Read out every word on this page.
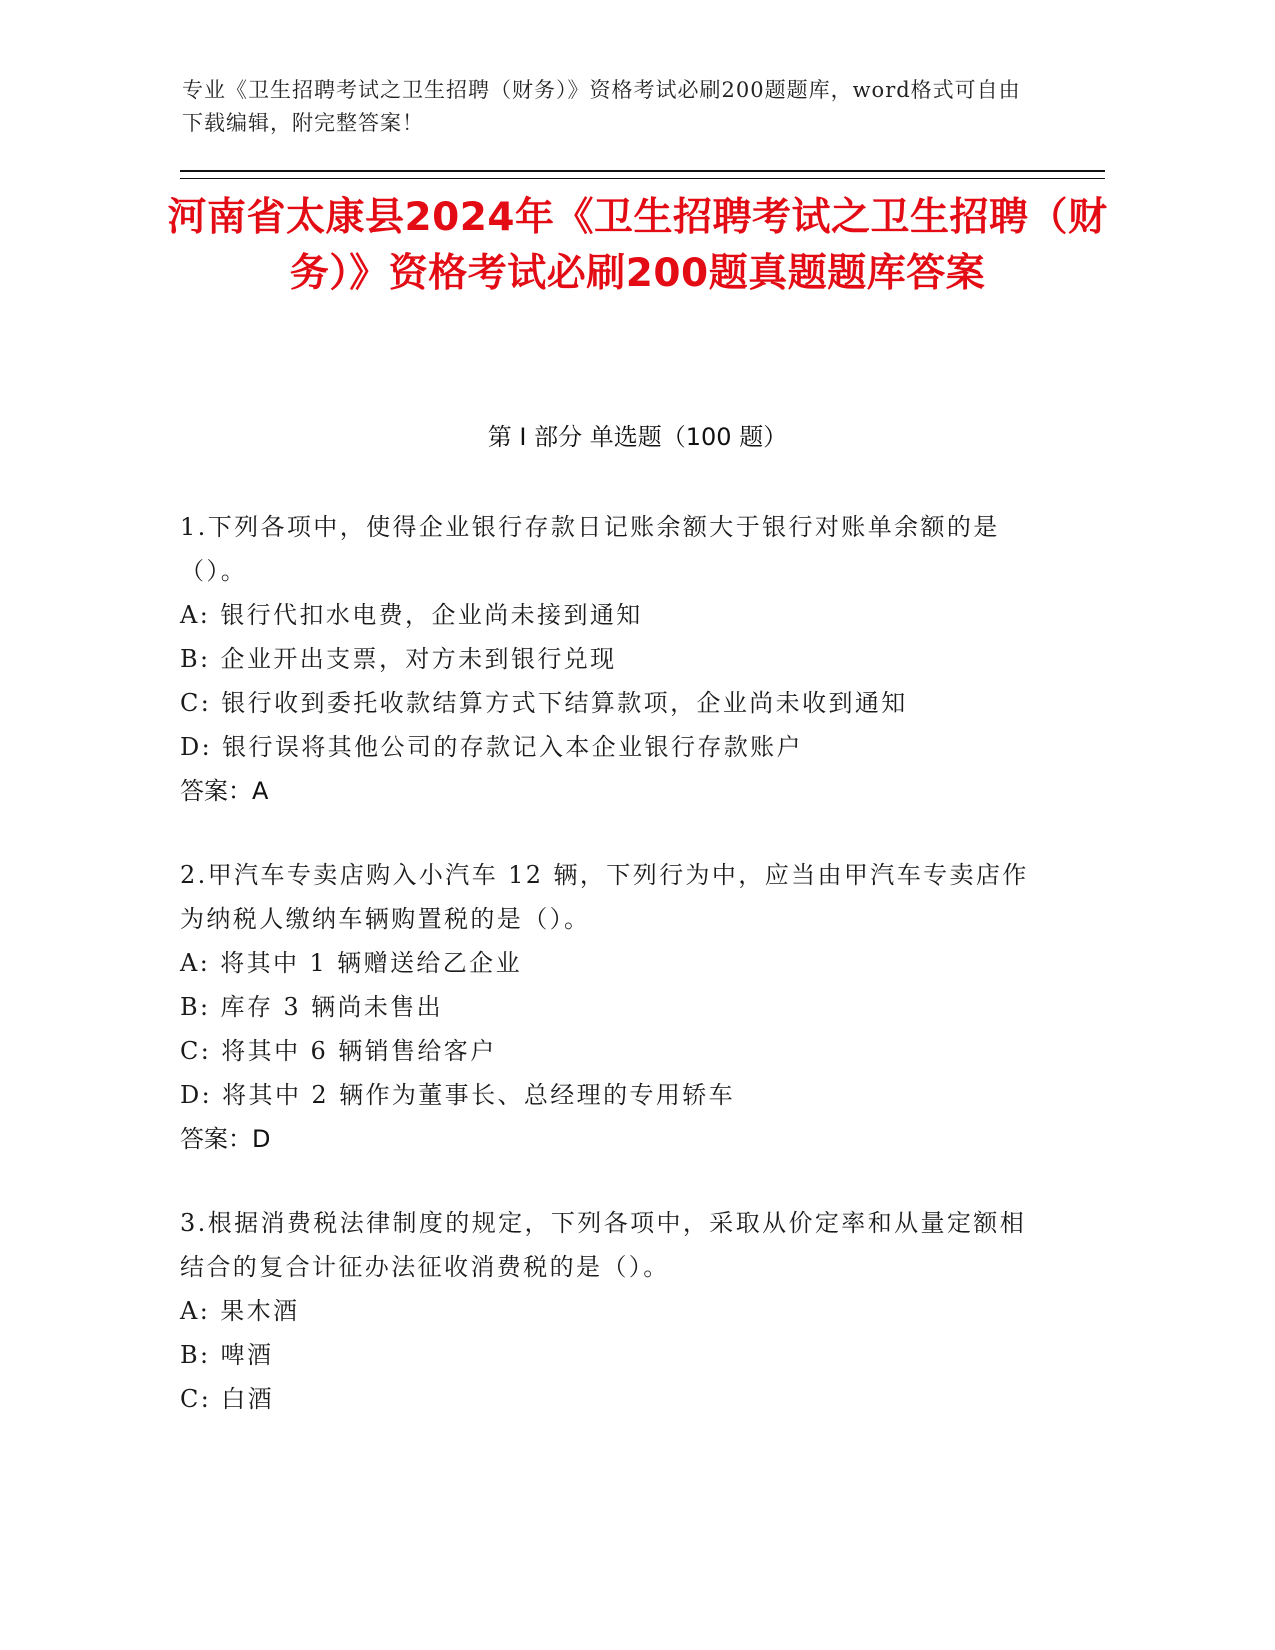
专业《卫生招聘考试之卫生招聘（财务）》资格考试必刷200题题库，word格式可自由下载编辑，附完整答案！
河南省太康县2024年《卫生招聘考试之卫生招聘（财务）》资格考试必刷200题真题题库答案
第 I 部分 单选题（100 题）

1.下列各项中，使得企业银行存款日记账余额大于银行对账单余额的是（）。

A: 银行代扣水电费，企业尚未接到通知

B: 企业开出支票，对方未到银行兑现

C: 银行收到委托收款结算方式下结算款项，企业尚未收到通知

D: 银行误将其他公司的存款记入本企业银行存款账户

答案：A

2.甲汽车专卖店购入小汽车 12 辆，下列行为中，应当由甲汽车专卖店作为纳税人缴纳车辆购置税的是（）。

A: 将其中 1 辆赠送给乙企业

B: 库存 3 辆尚未售出

C: 将其中 6 辆销售给客户

D: 将其中 2 辆作为董事长、总经理的专用轿车

答案：D

3.根据消费税法律制度的规定，下列各项中，采取从价定率和从量定额相结合的复合计征办法征收消费税的是（）。

A: 果木酒

B: 啤酒

C: 白酒
